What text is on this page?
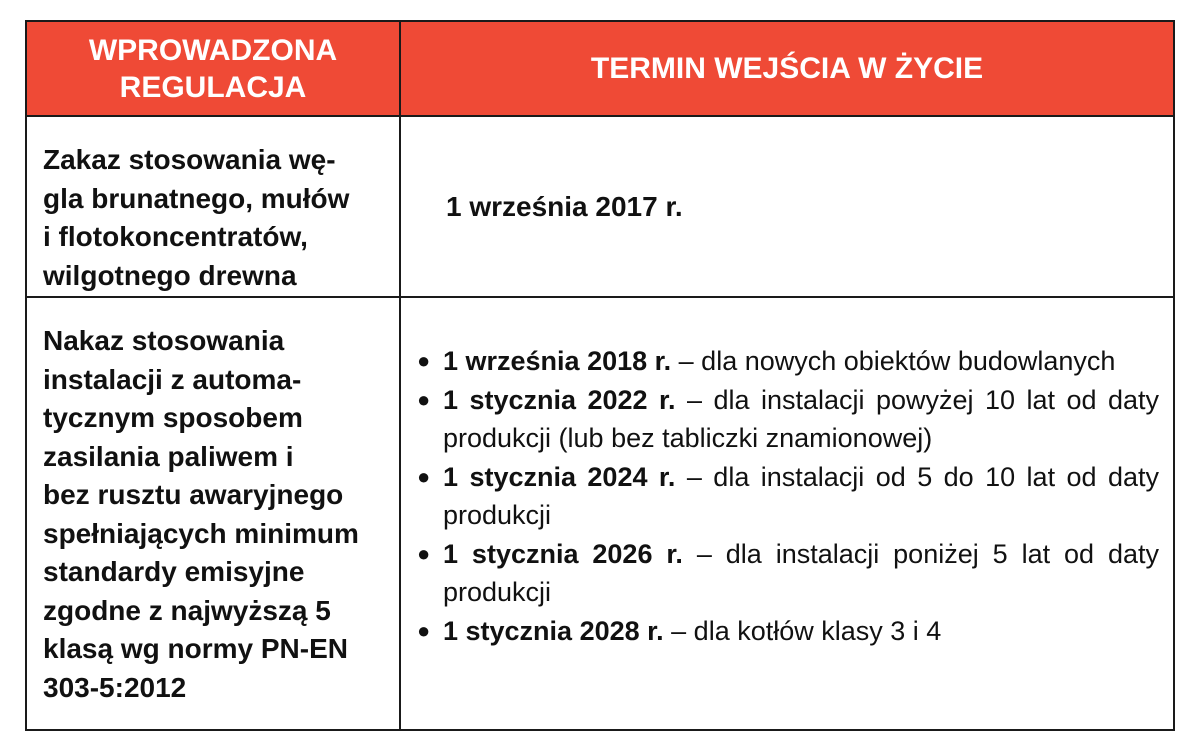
WPROWADZONA REGULACJA
TERMIN WEJŚCIA W ŻYCIE
Zakaz stosowania wę-
gla brunatnego, mułów
i flotokoncentratów,
wilgotnego drewna
1 września 2017 r.
Nakaz stosowania
instalacji z automa-
tycznym sposobem
zasilania paliwem i
bez rusztu awaryjnego
spełniających minimum
standardy emisyjne
zgodne z najwyższą 5
klasą wg normy PN-EN
303-5:2012
● 1 września 2018 r. – dla nowych obiektów budowlanych
● 1 stycznia 2022 r. – dla instalacji powyżej 10 lat od daty produkcji (lub bez tabliczki znamionowej)
● 1 stycznia 2024 r. – dla instalacji od 5 do 10 lat od daty produkcji
● 1 stycznia 2026 r. – dla instalacji poniżej 5 lat od daty produkcji
● 1 stycznia 2028 r. – dla kotłów klasy 3 i 4
